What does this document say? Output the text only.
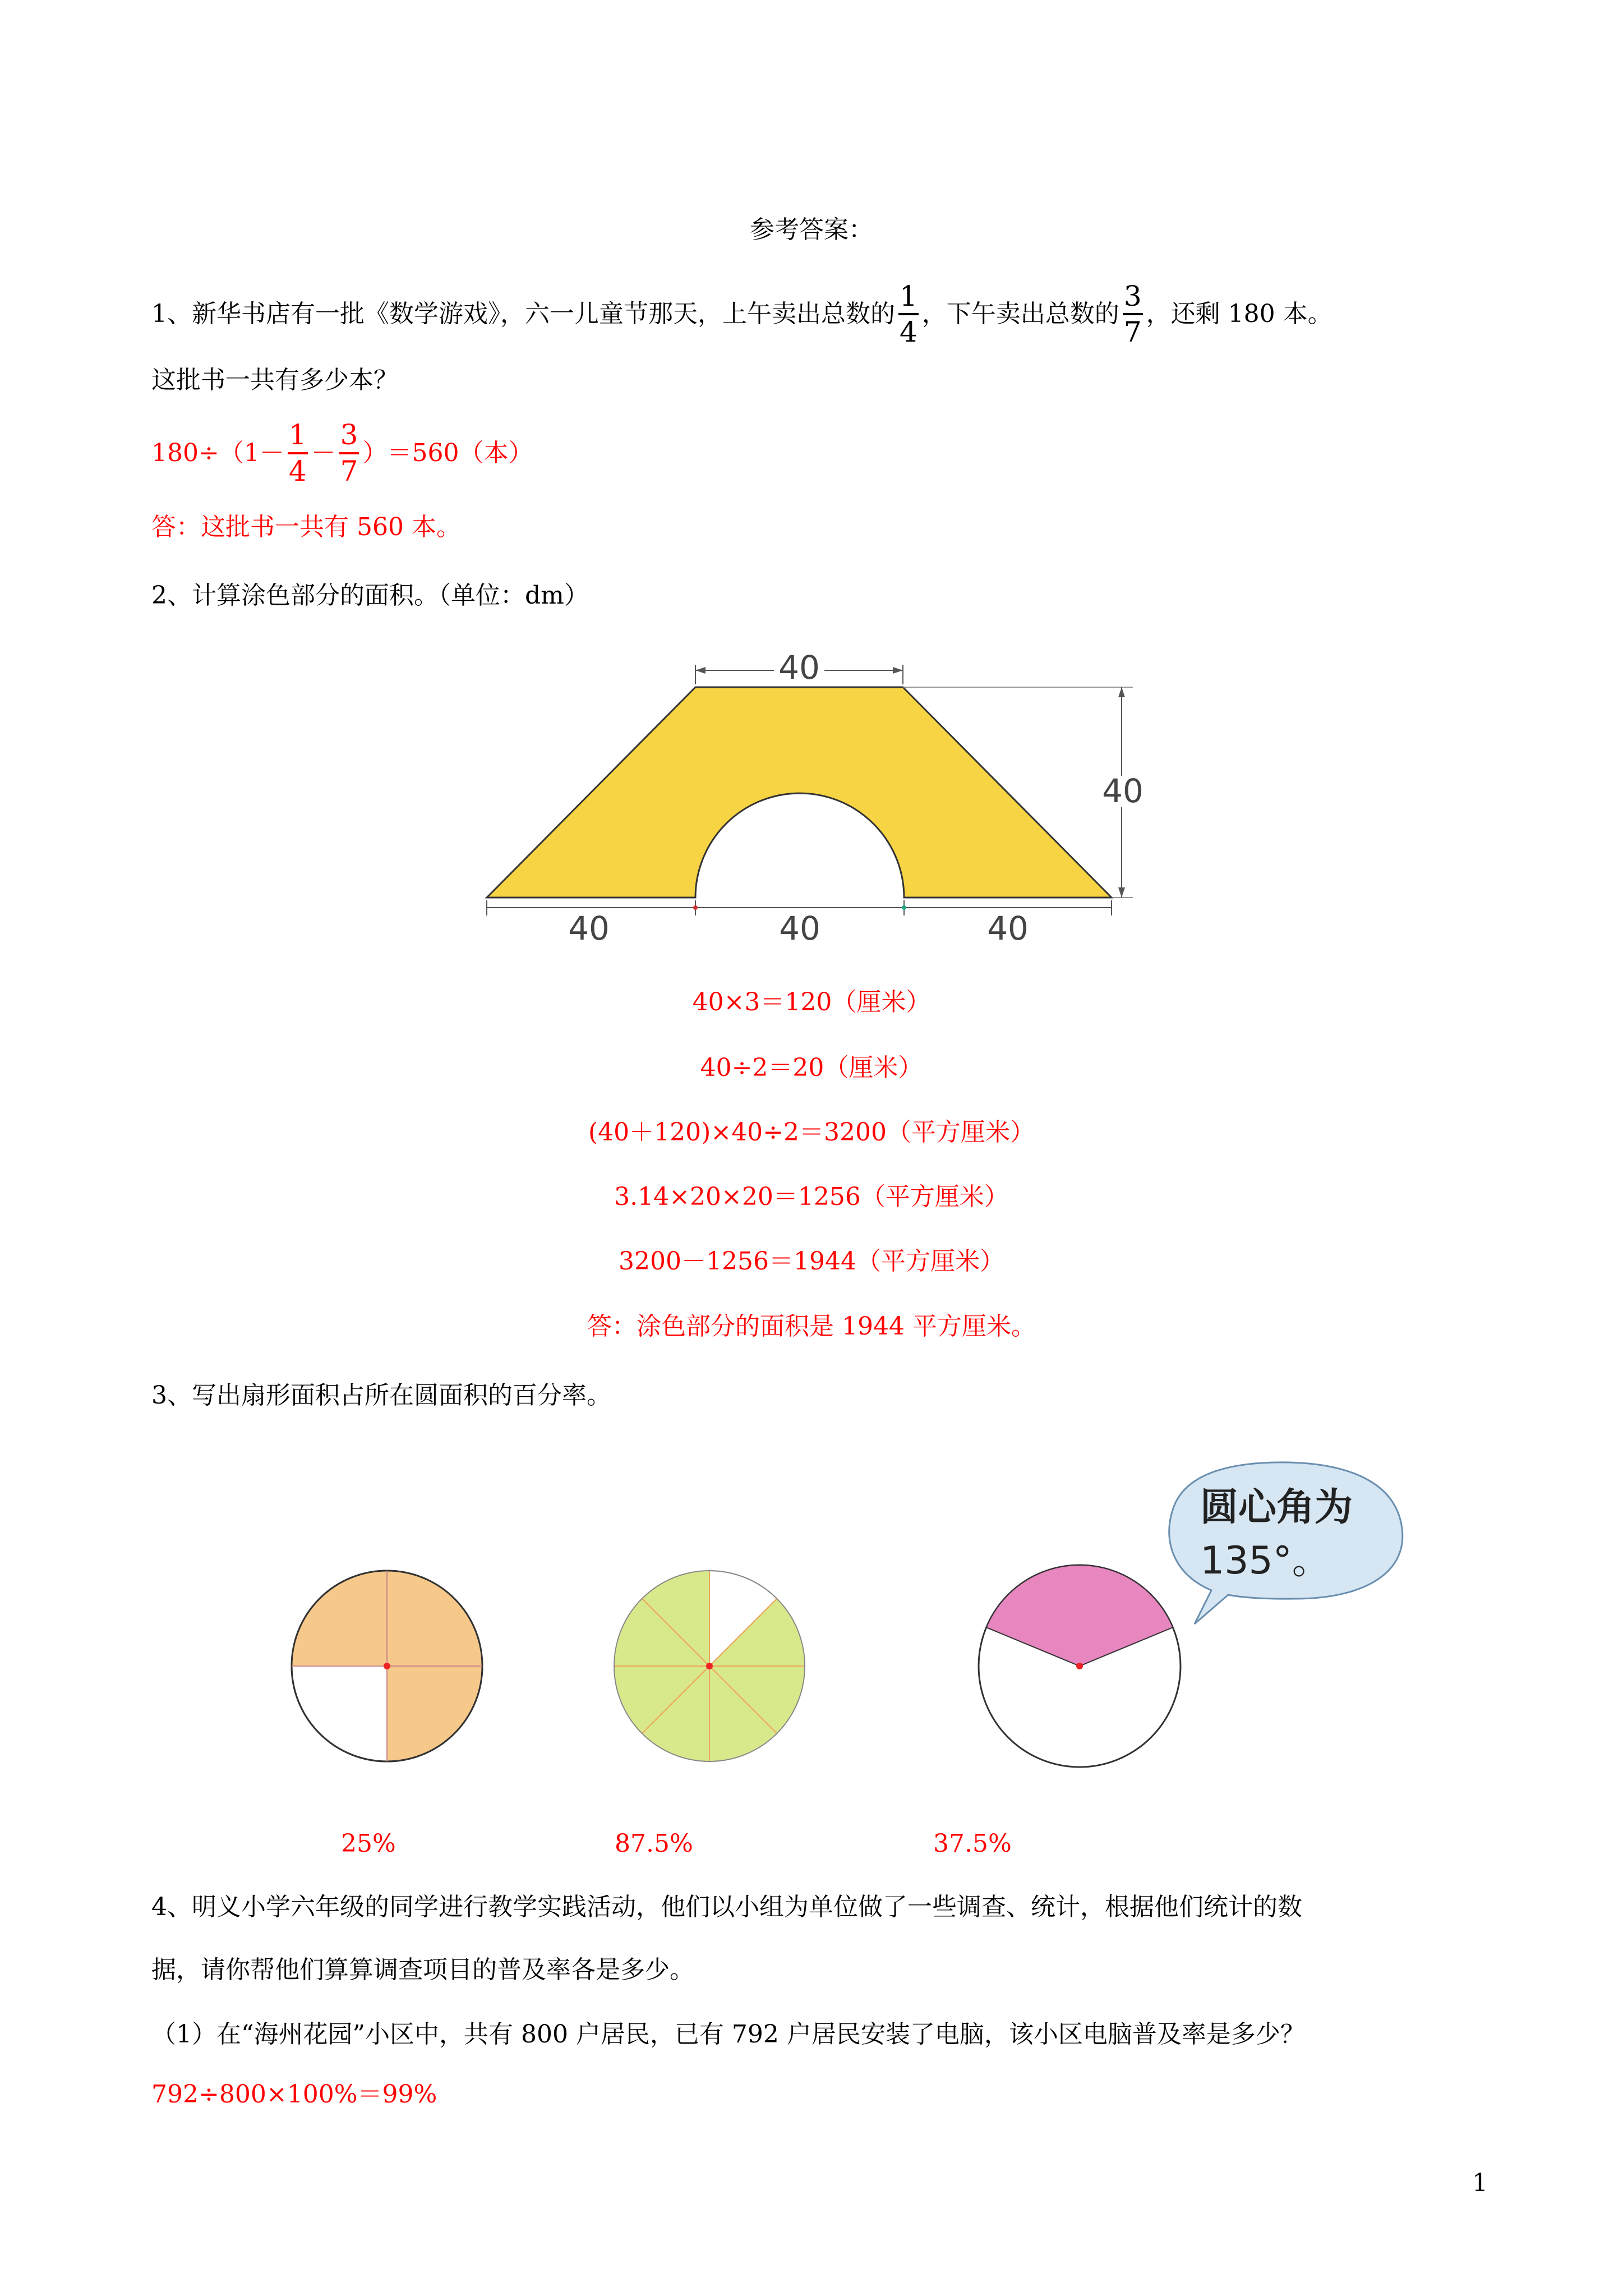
参考答案：
1、新华书店有一批《数学游戏》，六一儿童节那天，上午卖出总数的 $\frac{1}{4}$ ，下午卖出总数的 $\frac{3}{7}$ ，还剩 180 本。
这批书一共有多少本？
$180\div(1- \frac{1}{4} - \frac{3}{7} )=560$（本）
答：这批书一共有 560 本。
2、计算涂色部分的面积。（单位：dm）
40
40
40	40	40
40×3＝120（厘米）
40÷2＝20（厘米）
(40＋120)×40÷2＝3200（平方厘米）
3.14×20×20＝1256（平方厘米）
3200－1256＝1944（平方厘米）
答：涂色部分的面积是 1944 平方厘米。
3、写出扇形面积占所在圆面积的百分率。
圆心角为
135°。
25%	87.5%	37.5%
4、明义小学六年级的同学进行教学实践活动，他们以小组为单位做了一些调查、统计，根据他们统计的数
据，请你帮他们算算调查项目的普及率各是多少。
（1）在“海州花园”小区中，共有 800 户居民，已有 792 户居民安装了电脑，该小区电脑普及率是多少？
792÷800×100%＝99%
1
